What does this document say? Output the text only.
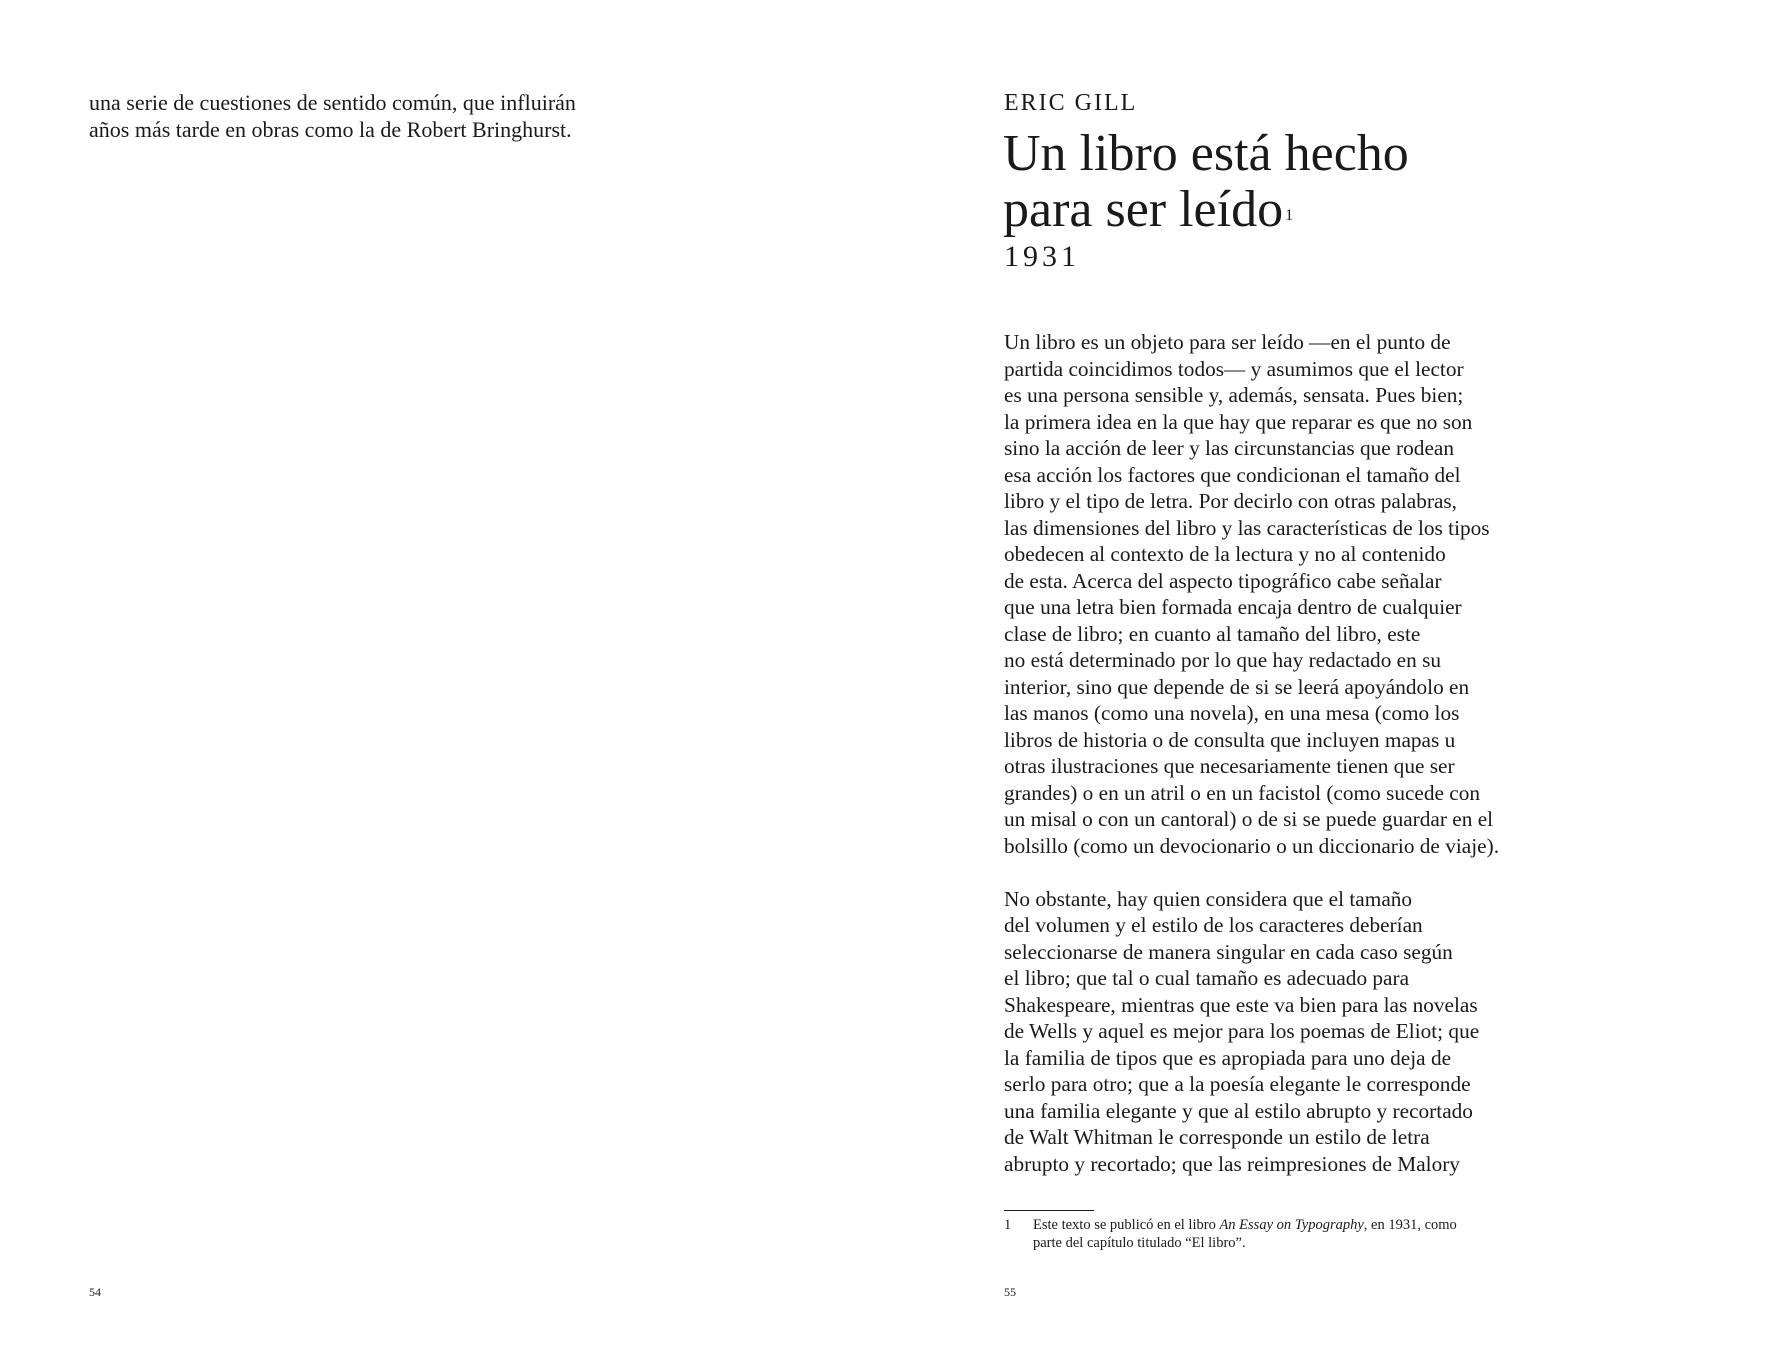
una serie de cuestiones de sentido común, que influirán
años más tarde en obras como la de Robert Bringhurst.
54
ERIC GILL
Un libro está hecho
para ser leído $^1$
1931
Un libro es un objeto para ser leído —en el punto de
partida coincidimos todos— y asumimos que el lector
es una persona sensible y, además, sensata. Pues bien;
la primera idea en la que hay que reparar es que no son
sino la acción de leer y las circunstancias que rodean
esa acción los factores que condicionan el tamaño del
libro y el tipo de letra. Por decirlo con otras palabras,
las dimensiones del libro y las características de los tipos
obedecen al contexto de la lectura y no al contenido
de esta. Acerca del aspecto tipográfico cabe señalar
que una letra bien formada encaja dentro de cualquier
clase de libro; en cuanto al tamaño del libro, este
no está determinado por lo que hay redactado en su
interior, sino que depende de si se leerá apoyándolo en
las manos (como una novela), en una mesa (como los
libros de historia o de consulta que incluyen mapas u
otras ilustraciones que necesariamente tienen que ser
grandes) o en un atril o en un facistol (como sucede con
un misal o con un cantoral) o de si se puede guardar en el
bolsillo (como un devocionario o un diccionario de viaje).
No obstante, hay quien considera que el tamaño
del volumen y el estilo de los caracteres deberían
seleccionarse de manera singular en cada caso según
el libro; que tal o cual tamaño es adecuado para
Shakespeare, mientras que este va bien para las novelas
de Wells y aquel es mejor para los poemas de Eliot; que
la familia de tipos que es apropiada para uno deja de
serlo para otro; que a la poesía elegante le corresponde
una familia elegante y que al estilo abrupto y recortado
de Walt Whitman le corresponde un estilo de letra
abrupto y recortado; que las reimpresiones de Malory
1 Este texto se publicó en el libro An Essay on Typography, en 1931, como
parte del capítulo titulado “El libro”.
55
